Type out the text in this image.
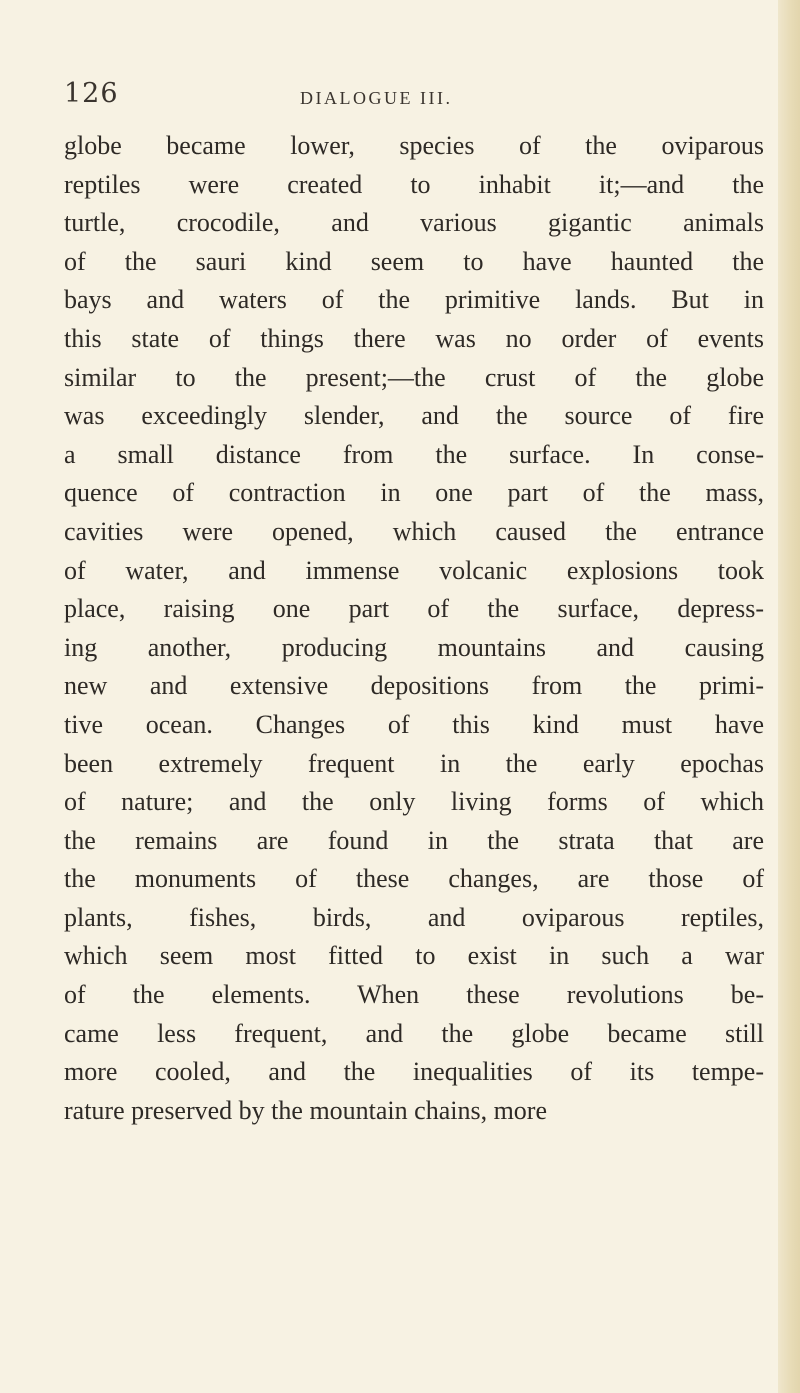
126	DIALOGUE III.
globe became lower, species of the oviparous
reptiles were created to inhabit it;—and the
turtle, crocodile, and various gigantic animals
of the sauri kind seem to have haunted the
bays and waters of the primitive lands. But in
this state of things there was no order of events
similar to the present;—the crust of the globe
was exceedingly slender, and the source of fire
a small distance from the surface. In conse-
quence of contraction in one part of the mass,
cavities were opened, which caused the entrance
of water, and immense volcanic explosions took
place, raising one part of the surface, depress-
ing another, producing mountains and causing
new and extensive depositions from the primi-
tive ocean. Changes of this kind must have
been extremely frequent in the early epochas
of nature; and the only living forms of which
the remains are found in the strata that are
the monuments of these changes, are those of
plants, fishes, birds, and oviparous reptiles,
which seem most fitted to exist in such a war
of the elements. When these revolutions be-
came less frequent, and the globe became still
more cooled, and the inequalities of its tempe-
rature preserved by the mountain chains, more
